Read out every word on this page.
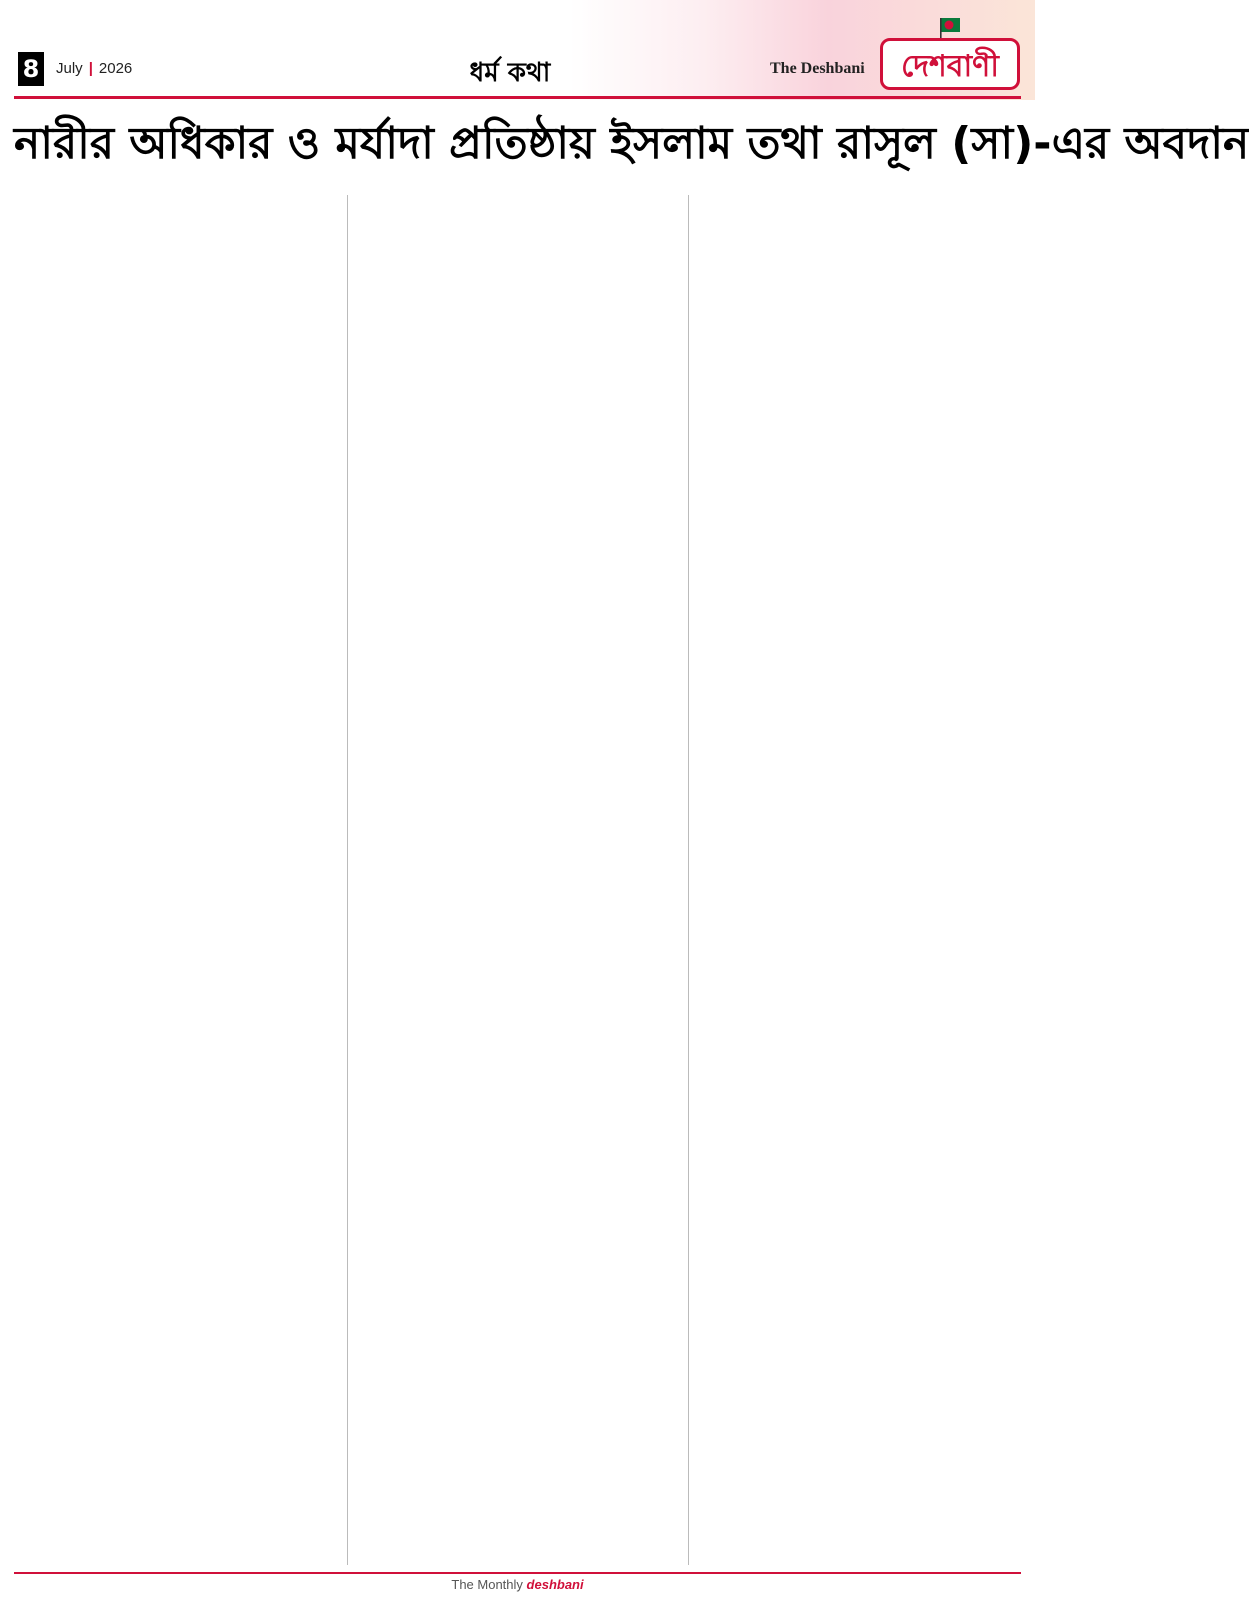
8	July | 2026	ধর্ম কথা	The Deshbani	দেশবাণী
নারীর অধিকার ও মর্যাদা প্রতিষ্ঠায় ইসলাম তথা রাসূল (সা)-এর অবদান
The Monthly deshbani
